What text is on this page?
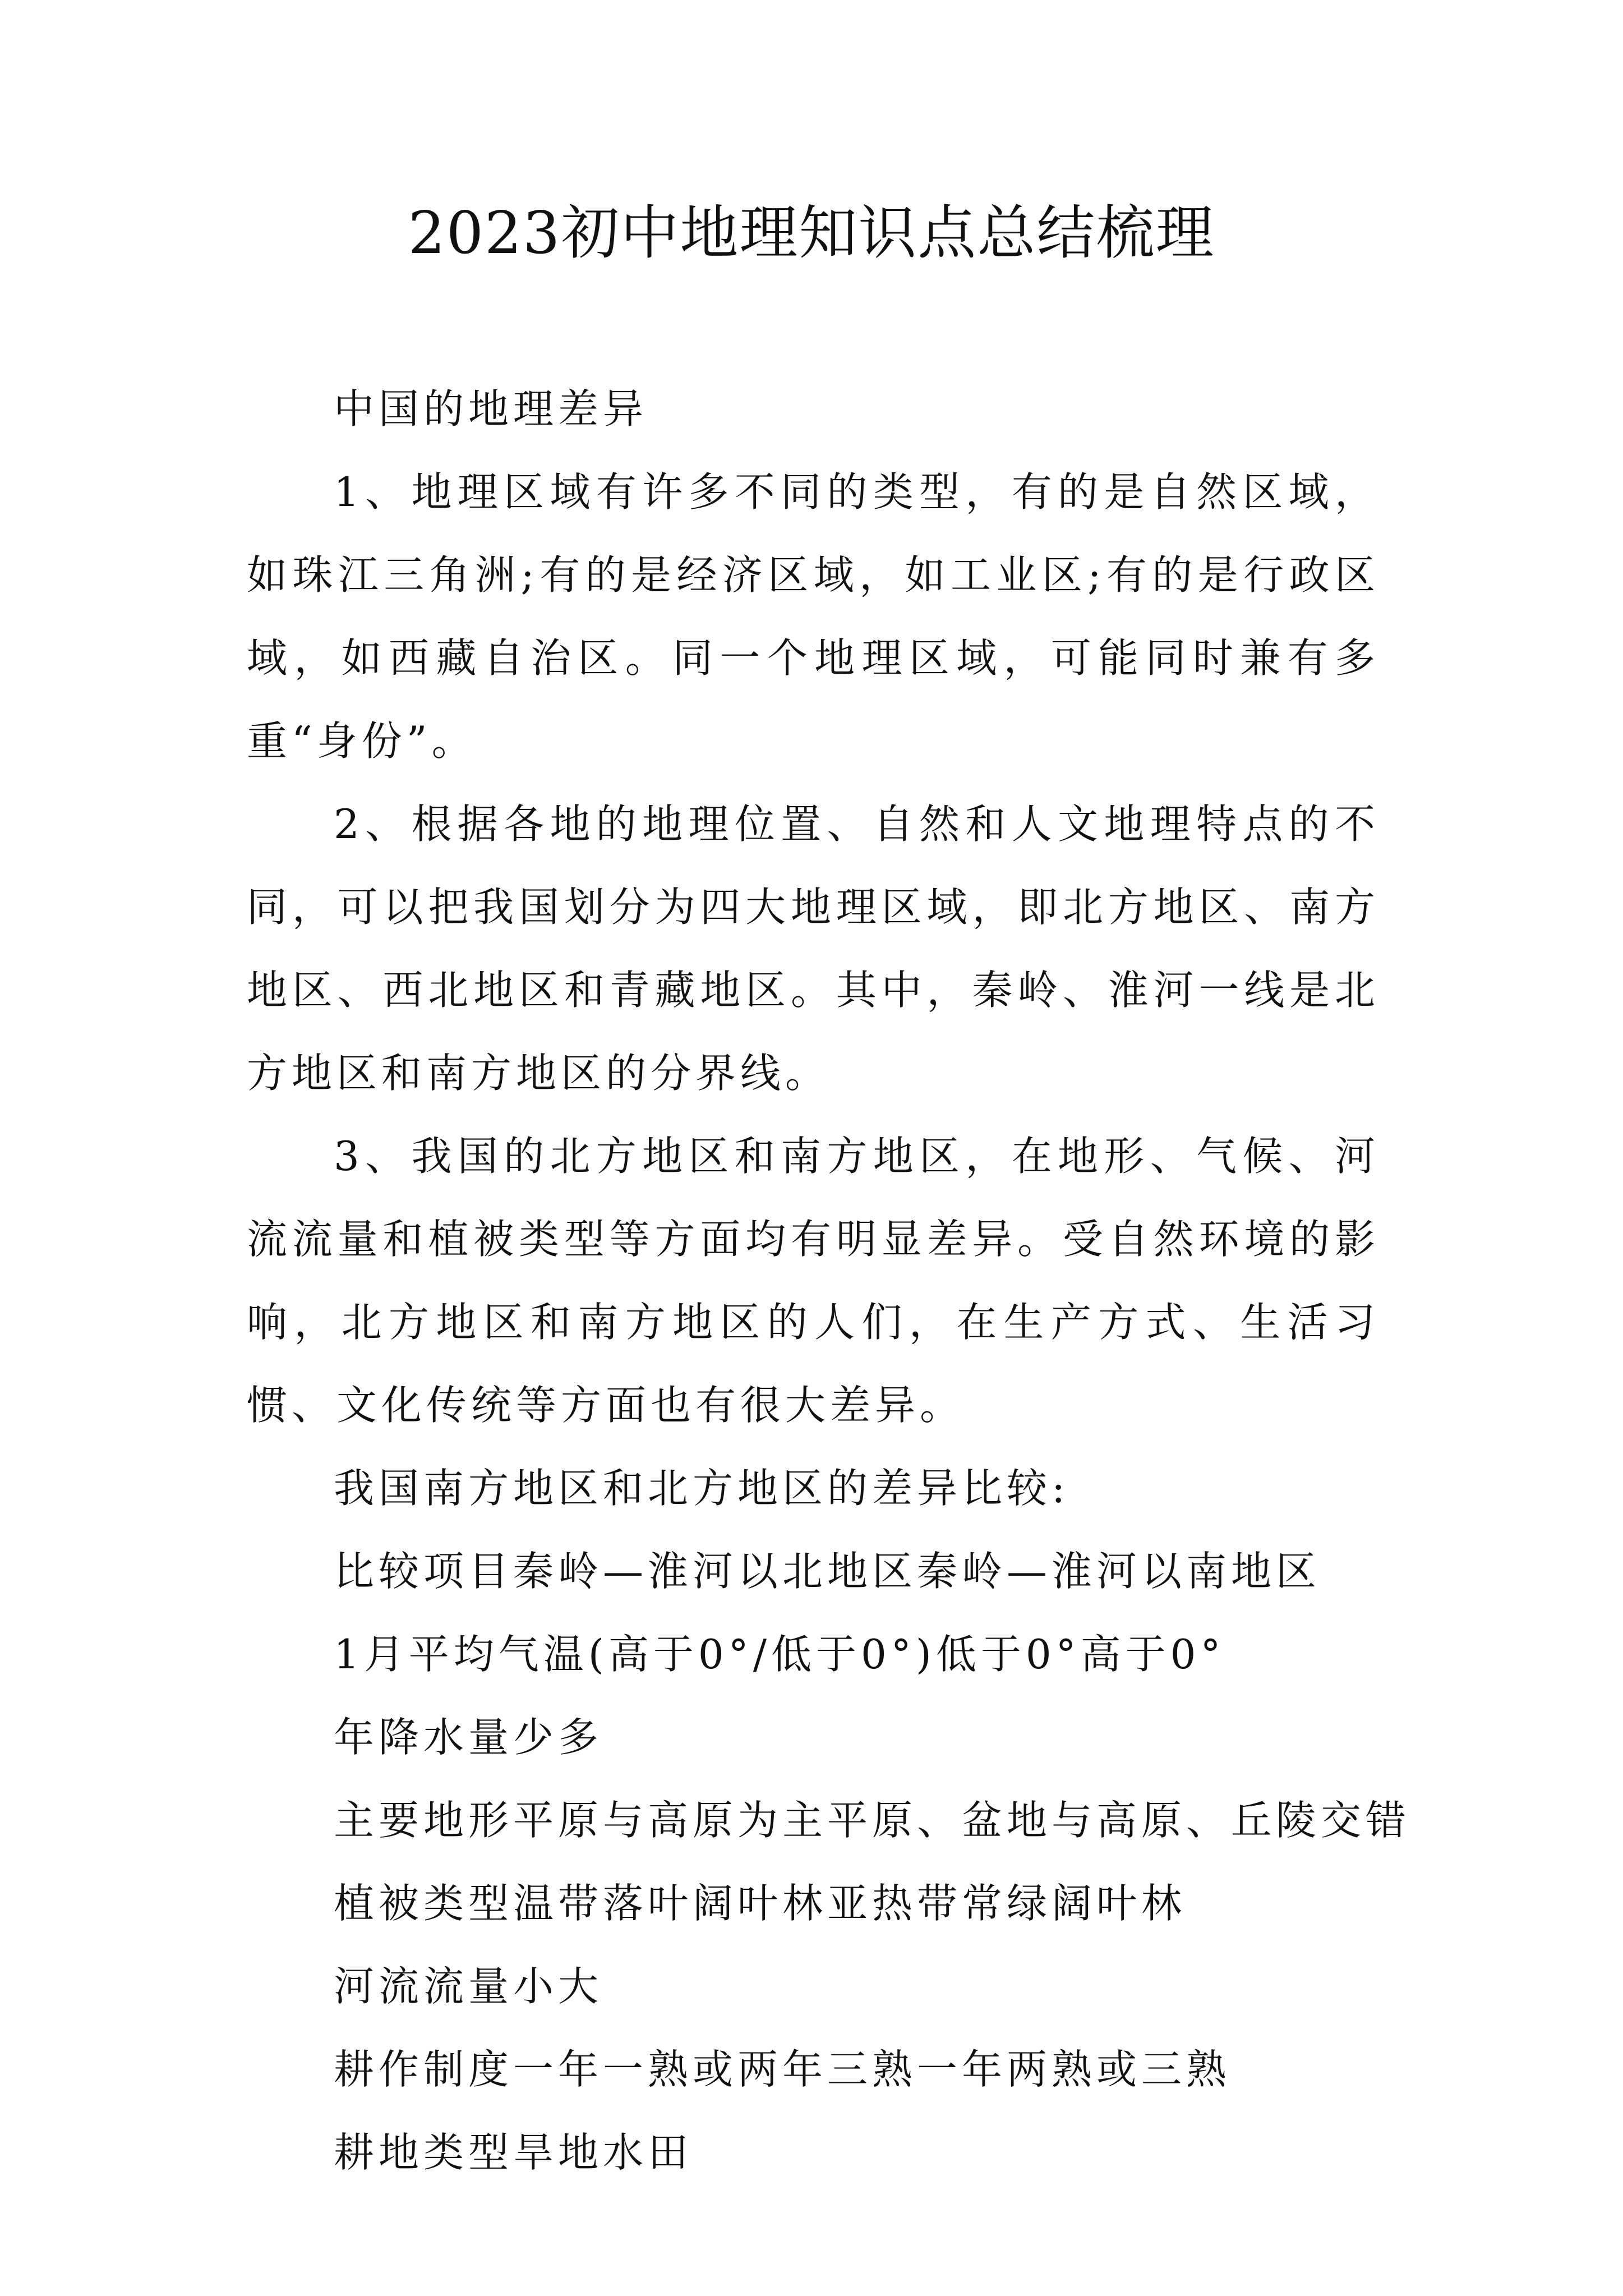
2023初中地理知识点总结梳理

中国的地理差异

1、地理区域有许多不同的类型，有的是自然区域，如珠江三角洲;有的是经济区域，如工业区;有的是行政区域，如西藏自治区。同一个地理区域，可能同时兼有多重“身份”。

2、根据各地的地理位置、自然和人文地理特点的不同，可以把我国划分为四大地理区域，即北方地区、南方地区、西北地区和青藏地区。其中，秦岭、淮河一线是北方地区和南方地区的分界线。

3、我国的北方地区和南方地区，在地形、气候、河流流量和植被类型等方面均有明显差异。受自然环境的影响，北方地区和南方地区的人们，在生产方式、生活习惯、文化传统等方面也有很大差异。

我国南方地区和北方地区的差异比较:

比较项目秦岭—淮河以北地区秦岭—淮河以南地区

1月平均气温(高于0°/低于0°)低于0°高于0°

年降水量少多

主要地形平原与高原为主平原、盆地与高原、丘陵交错

植被类型温带落叶阔叶林亚热带常绿阔叶林

河流流量小大

耕作制度一年一熟或两年三熟一年两熟或三熟

耕地类型旱地水田
